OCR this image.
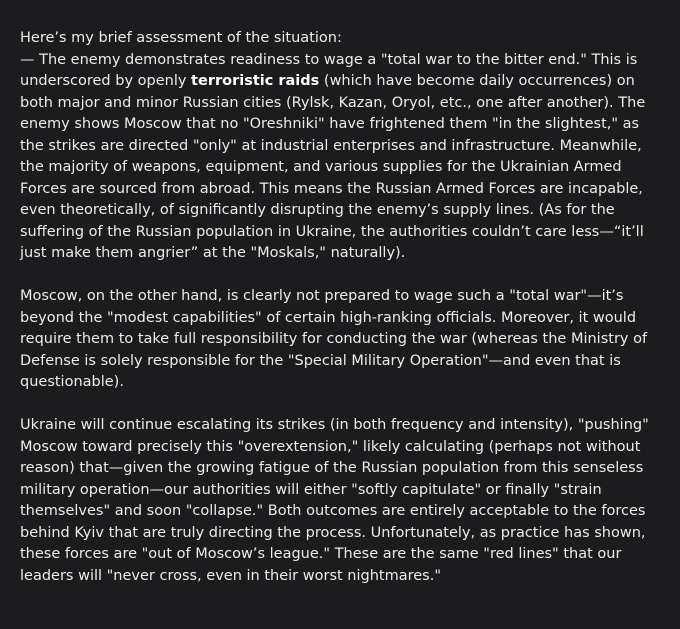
Here’s my brief assessment of the situation:
— The enemy demonstrates readiness to wage a "total war to the bitter end." This is underscored by openly terroristic raids (which have become daily occurrences) on both major and minor Russian cities (Rylsk, Kazan, Oryol, etc., one after another). The enemy shows Moscow that no "Oreshniki" have frightened them "in the slightest," as the strikes are directed "only" at industrial enterprises and infrastructure. Meanwhile, the majority of weapons, equipment, and various supplies for the Ukrainian Armed Forces are sourced from abroad. This means the Russian Armed Forces are incapable, even theoretically, of significantly disrupting the enemy’s supply lines. (As for the suffering of the Russian population in Ukraine, the authorities couldn’t care less—“it’ll just make them angrier” at the "Moskals," naturally).

Moscow, on the other hand, is clearly not prepared to wage such a "total war"—it’s beyond the "modest capabilities" of certain high-ranking officials. Moreover, it would require them to take full responsibility for conducting the war (whereas the Ministry of Defense is solely responsible for the "Special Military Operation"—and even that is questionable).

Ukraine will continue escalating its strikes (in both frequency and intensity), "pushing" Moscow toward precisely this "overextension," likely calculating (perhaps not without reason) that—given the growing fatigue of the Russian population from this senseless military operation—our authorities will either "softly capitulate" or finally "strain themselves" and soon "collapse." Both outcomes are entirely acceptable to the forces behind Kyiv that are truly directing the process. Unfortunately, as practice has shown, these forces are "out of Moscow’s league." These are the same "red lines" that our leaders will "never cross, even in their worst nightmares."
